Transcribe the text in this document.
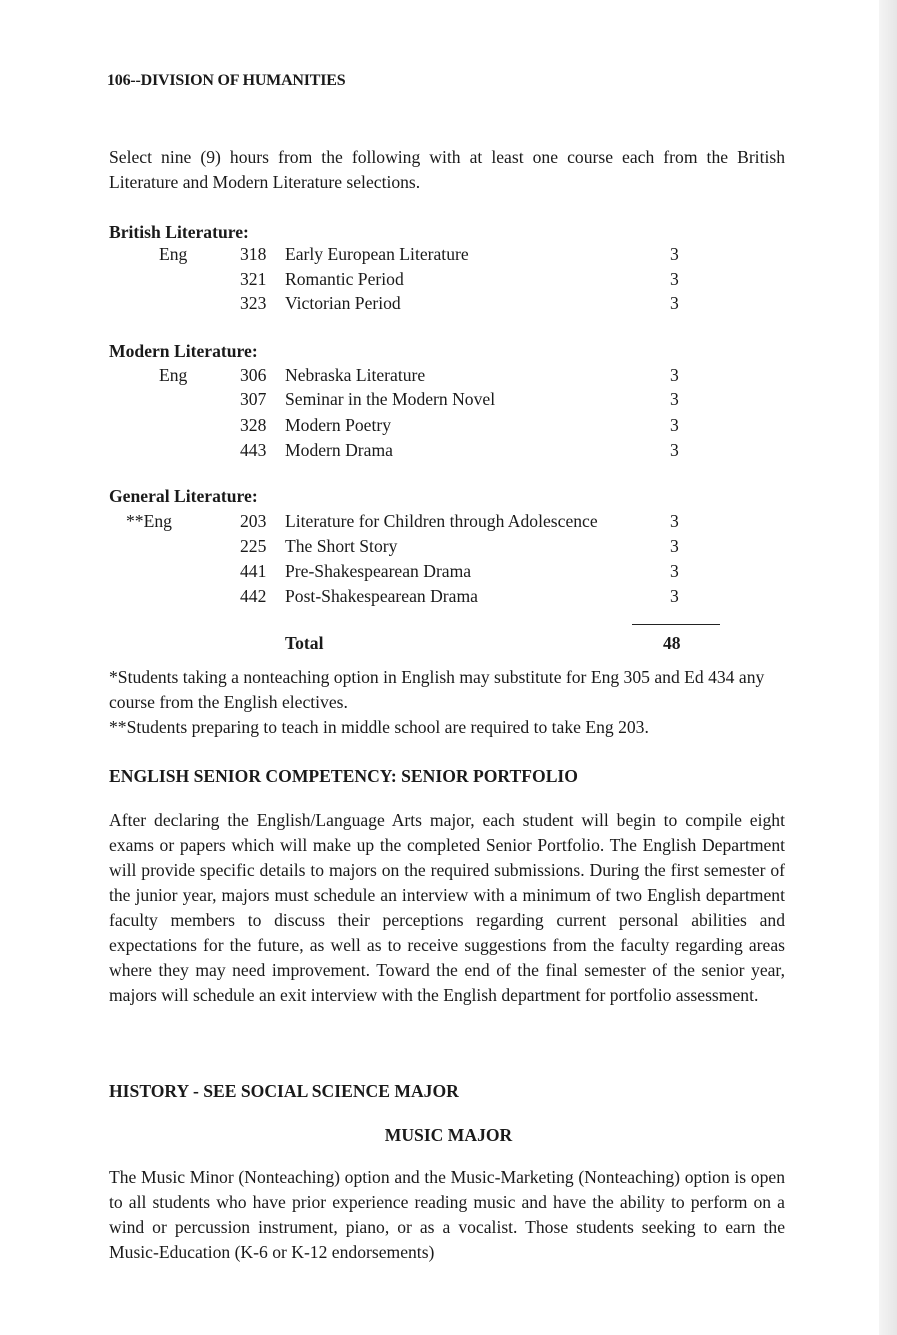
106--DIVISION OF HUMANITIES
Select nine (9) hours from the following with at least one course each from the British Literature and Modern Literature selections.
British Literature:
Eng	318 Early European Literature	3
321 Romantic Period	3
323 Victorian Period	3
Modern Literature:
Eng	306 Nebraska Literature	3
307 Seminar in the Modern Novel	3
328 Modern Poetry	3
443 Modern Drama	3
General Literature:
**Eng	203 Literature for Children through Adolescence	3
225 The Short Story	3
441 Pre-Shakespearean Drama	3
442 Post-Shakespearean Drama	3
Total	48
*Students taking a nonteaching option in English may substitute for Eng 305 and Ed 434 any course from the English electives.
**Students preparing to teach in middle school are required to take Eng 203.
ENGLISH SENIOR COMPETENCY: SENIOR PORTFOLIO
After declaring the English/Language Arts major, each student will begin to compile eight exams or papers which will make up the completed Senior Portfolio. The English Department will provide specific details to majors on the required submissions. During the first semester of the junior year, majors must schedule an interview with a minimum of two English department faculty members to discuss their perceptions regarding current personal abilities and expectations for the future, as well as to receive suggestions from the faculty regarding areas where they may need improvement. Toward the end of the final semester of the senior year, majors will schedule an exit interview with the English department for portfolio assessment.
HISTORY - SEE SOCIAL SCIENCE MAJOR
MUSIC MAJOR
The Music Minor (Nonteaching) option and the Music-Marketing (Nonteaching) option is open to all students who have prior experience reading music and have the ability to perform on a wind or percussion instrument, piano, or as a vocalist. Those students seeking to earn the Music-Education (K-6 or K-12 endorsements)
